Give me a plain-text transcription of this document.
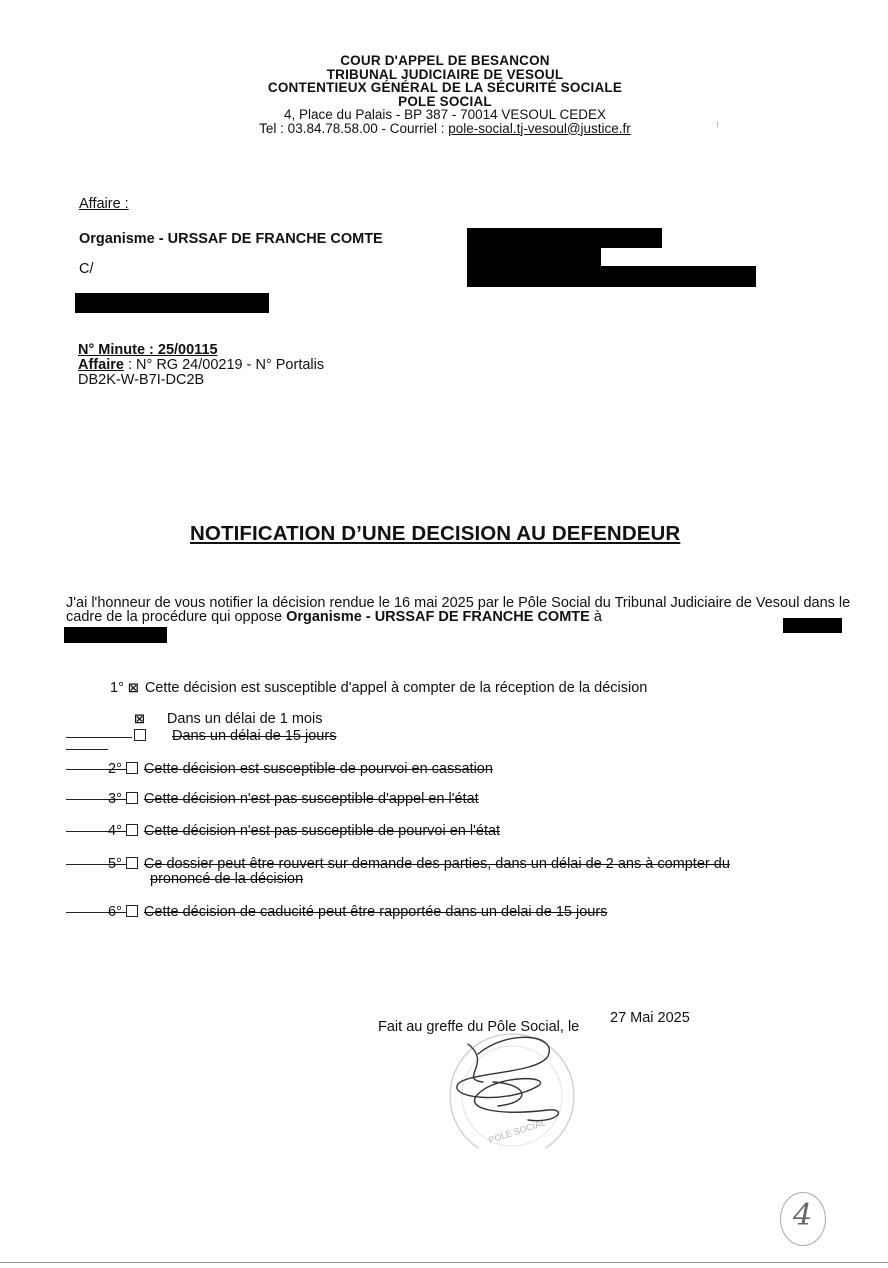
COUR D'APPEL DE BESANCON
TRIBUNAL JUDICIAIRE DE VESOUL
CONTENTIEUX GÉNÉRAL DE LA SÉCURITÉ SOCIALE
POLE SOCIAL
4, Place du Palais - BP 387 - 70014 VESOUL CEDEX
Tel : 03.84.78.58.00 - Courriel : pole-social.tj-vesoul@justice.fr	⁝
Affaire :
Organisme - URSSAF DE FRANCHE COMTE
C/
N° Minute : 25/00115
Affaire : N° RG 24/00219 - N° Portalis
DB2K-W-B7I-DC2B
NOTIFICATION D’UNE DECISION AU DEFENDEUR
J'ai l'honneur de vous notifier la décision rendue le 16 mai 2025 par le Pôle Social du Tribunal Judiciaire de Vesoul dans le cadre de la procédure qui oppose Organisme - URSSAF DE FRANCHE COMTE à
1° ⊠ Cette décision est susceptible d'appel à compter de la réception de la décision
⊠ Dans un délai de 1 mois
Dans un délai de 15 jours
2° Cette décision est susceptible de pourvoi en cassation
3° Cette décision n'est pas susceptible d'appel en l'état
4° Cette décision n'est pas susceptible de pourvoi en l'état
5° Ce dossier peut être rouvert sur demande des parties, dans un délai de 2 ans à compter du
prononcé de la décision
6° Cette décision de caducité peut être rapportée dans un delai de 15 jours
Fait au greffe du Pôle Social, le
27 Mai 2025
POLE SOCIAL
4
